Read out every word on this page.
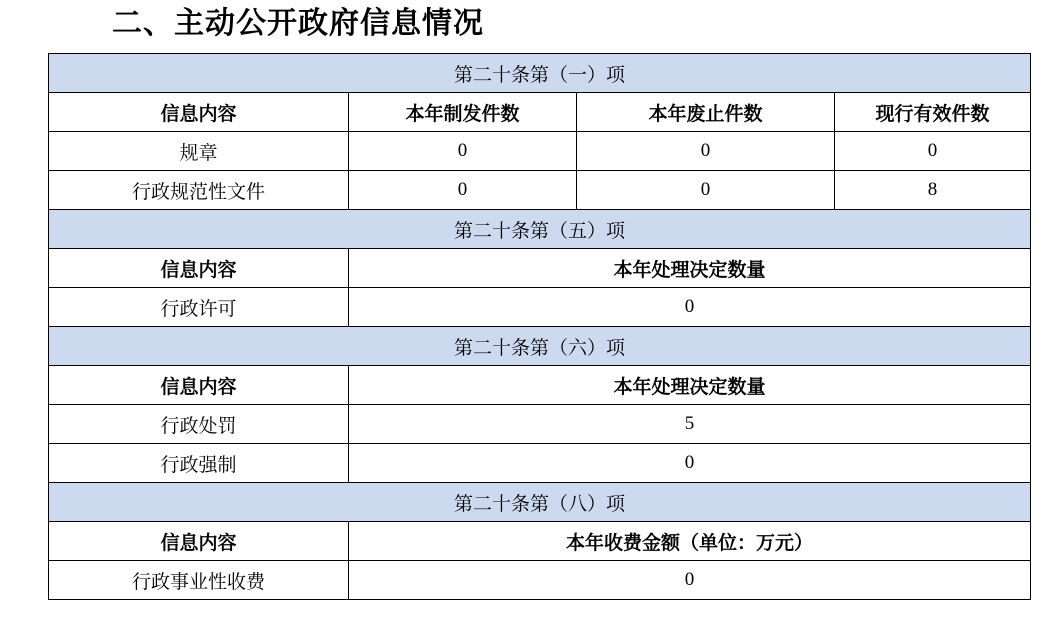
二、主动公开政府信息情况
第二十条第（一）项			
信息内容	本年制发件数	本年废止件数	现行有效件数
规章	0	0	0
行政规范性文件	0	0	8
第二十条第（五）项			
信息内容	本年处理决定数量		
行政许可	0		
第二十条第（六）项			
信息内容	本年处理决定数量		
行政处罚	5		
行政强制	0		
第二十条第（八）项			
信息内容	本年收费金额（单位：万元）		
行政事业性收费	0		
